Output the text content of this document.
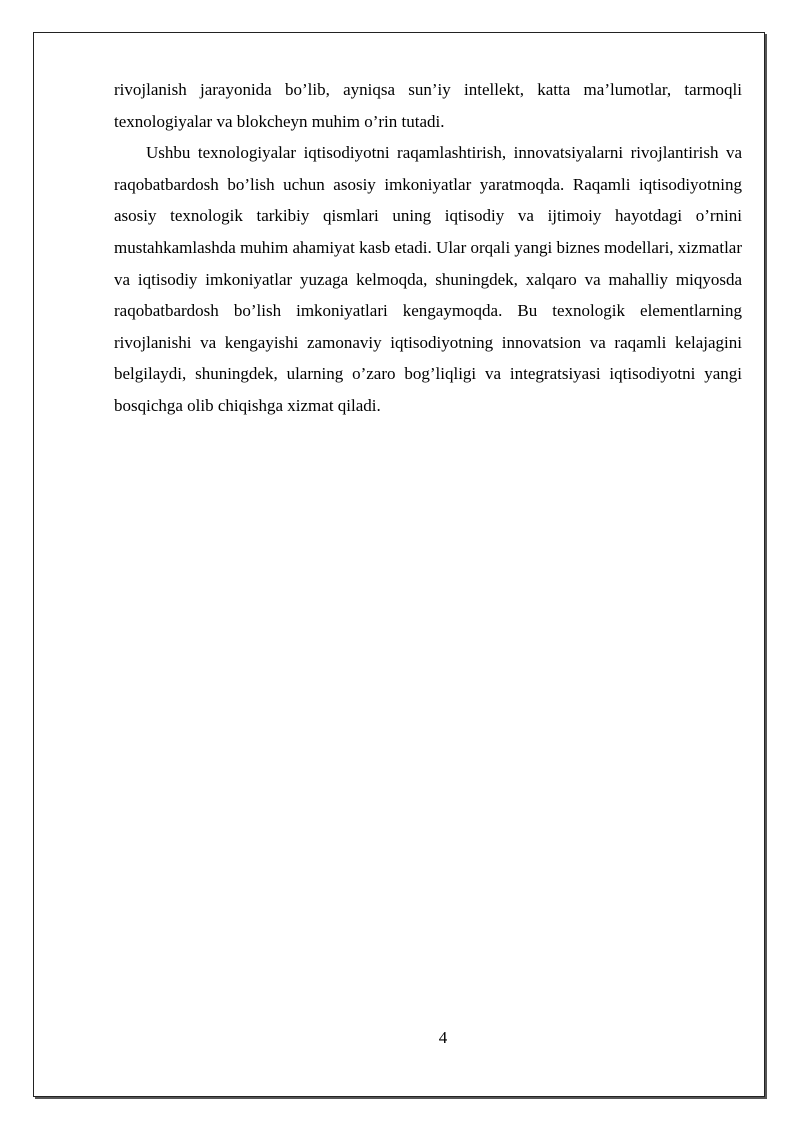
rivojlanish jarayonida bo’lib, ayniqsa sun’iy intellekt, katta ma’lumotlar, tarmoqli texnologiyalar va blokcheyn muhim o’rin tutadi.

Ushbu texnologiyalar iqtisodiyotni raqamlashtirish, innovatsiyalarni rivojlantirish va raqobatbardosh bo’lish uchun asosiy imkoniyatlar yaratmoqda. Raqamli iqtisodiyotning asosiy texnologik tarkibiy qismlari uning iqtisodiy va ijtimoiy hayotdagi o’rnini mustahkamlashda muhim ahamiyat kasb etadi. Ular orqali yangi biznes modellari, xizmatlar va iqtisodiy imkoniyatlar yuzaga kelmoqda, shuningdek, xalqaro va mahalliy miqyosda raqobatbardosh bo’lish imkoniyatlari kengaymoqda. Bu texnologik elementlarning rivojlanishi va kengayishi zamonaviy iqtisodiyotning innovatsion va raqamli kelajagini belgilaydi, shuningdek, ularning o’zaro bog’liqligi va integratsiyasi iqtisodiyotni yangi bosqichga olib chiqishga xizmat qiladi.

4
